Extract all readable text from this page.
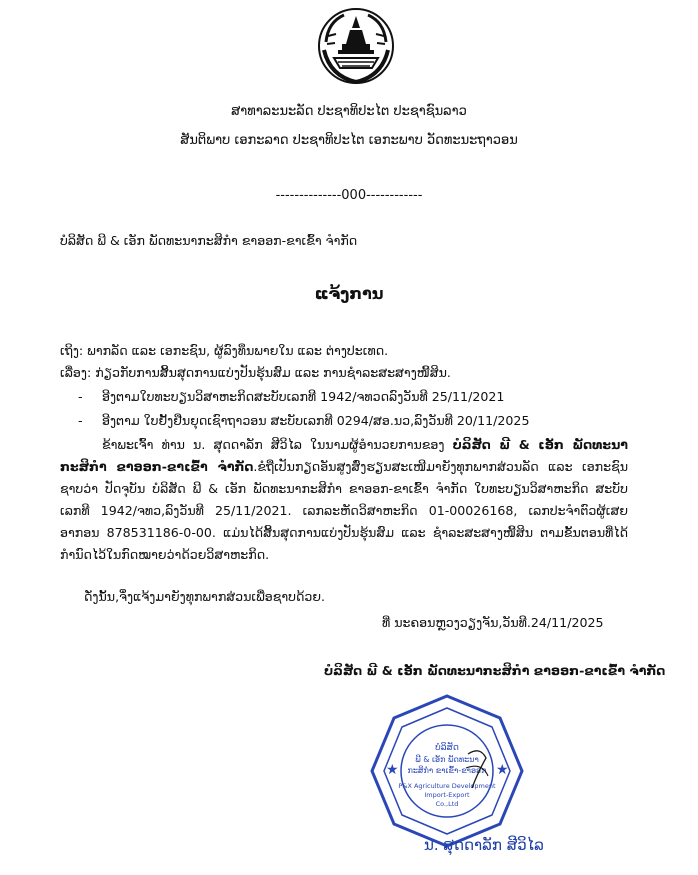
ສາທາລະນະລັດ ປະຊາທິປະໄຕ ປະຊາຊົນລາວ
ສັນຕິພາບ ເອກະລາດ ປະຊາທິປະໄຕ ເອກະພາບ ວັດທະນະຖາວອນ
--------------000------------
ບໍລິສັດ ພີ & ເອັກ ພັດທະນາກະສິກຳ ຂາອອກ-ຂາເຂົ້າ ຈຳກັດ
ແຈ້ງການ
ເຖິງ: ພາກລັດ ແລະ ເອກະຊົນ, ຜູ້ລົງທຶນພາຍໃນ ແລະ ຕ່າງປະເທດ.
ເລື່ອງ: ກ່ຽວກັບການສິ້ນສຸດການແບ່ງປັນຮຸ້ນສົມ ແລະ ການຊຳລະສະສາງໜີ້ສິນ.
- ອີງຕາມໃບທະບຽນວິສາຫະກິດສະບັບເລກທີ 1942/ຈທວດລົງວັນທີ 25/11/2021
- ອີງຕາມ ໃບຢັ້ງຢືນຍຸດເຊົາຖາວອນ ສະບັບເລກທີ 0294/ສອ.ນວ,ລົງວັນທີ 20/11/2025
ຂ້າພະເຈົ້າ ທ່ານ ນ. ສຸດດາລັກ ສີວິໄລ ໃນນາມຜູ້ອຳນວຍການຂອງ ບໍລິສັດ ພີ & ເອັກ ພັດທະນາກະສິກຳ ຂາອອກ-ຂາເຂົ້າ ຈຳກັດ.ຂໍຖືເປັນກຽດອັນສູງສົ່ງຮຽນສະເໜີມາຍັງທຸກພາກສ່ວນລັດ ແລະ ເອກະຊົນ ຊາບວ່າ ປັດຈຸບັນ ບໍລິສັດ ພີ & ເອັກ ພັດທະນາກະສິກຳ ຂາອອກ-ຂາເຂົ້າ ຈຳກັດ ໃບທະບຽນວິສາຫະກິດ ສະບັບເລກທີ 1942/ຈທວ,ລົງວັນທີ 25/11/2021. ເລກລະຫັດວິສາຫະກິດ 01-00026168, ເລກປະຈຳຕົວຜູ້ເສຍອາກອນ 878531186-0-00. ແມ່ນໄດ້ສິ້ນສຸດການແບ່ງປັນຮຸ້ນສົມ ແລະ ຊຳລະສະສາງໜີ້ສິນ ຕາມຂັ້ນຕອນທີ່ໄດ້ກຳນົດໄວ້ໃນກົດໝາຍວ່າດ້ວຍວິສາຫະກິດ.
ດັ່ງນັ້ນ,ຈຶ່ງແຈ້ງມາຍັງທຸກພາກສ່ວນເພື່ອຊາບດ້ວຍ.
ທີ່ ນະຄອນຫຼວງວຽງຈັນ,ວັນທີ.24/11/2025
ບໍລິສັດ ພີ & ເອັກ ພັດທະນາກະສິກຳ ຂາອອກ-ຂາເຂົ້າ ຈຳກັດ
★	★
ບໍລິສັດ
ພີ & ເອັກ ພັດທະນາ
ກະສິກຳ ຂາເຂົ້າ-ຂາອອກ
P&X Agriculture Development
Import-Export
Co.,Ltd
ນ. ສຸດດາລັກ ສີວິໄລ
